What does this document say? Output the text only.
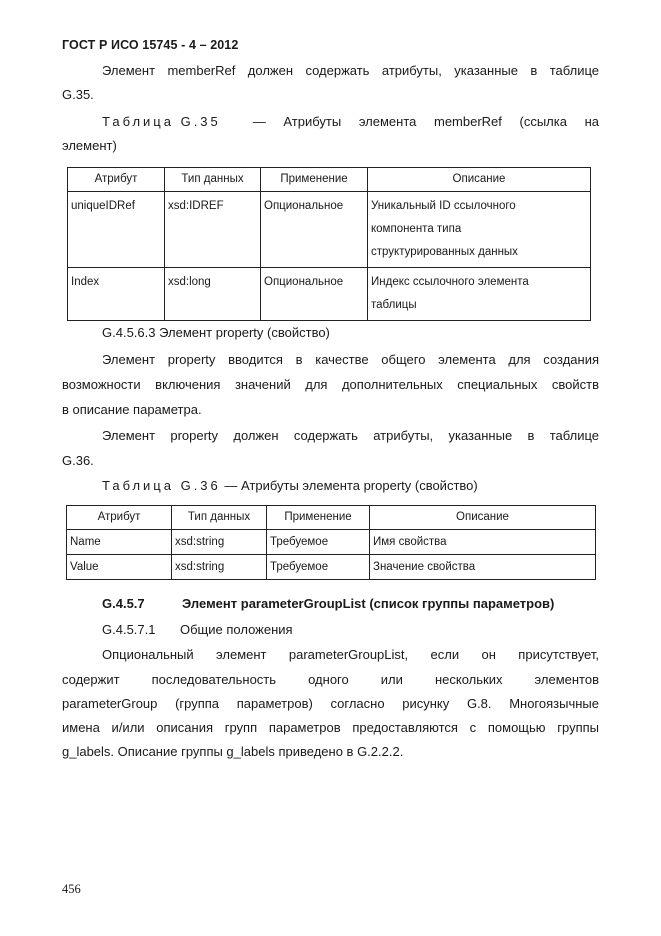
ГОСТ Р ИСО 15745 - 4 – 2012
Элемент memberRef должен содержать атрибуты, указанные в таблице
G.35.
Таблица G.35 — Атрибуты элемента memberRef (ссылка на
элемент)
Атрибут	Тип данных	Применение	Описание
uniqueIDRef	xsd:IDREF	Опциональное	Уникальный ID ссылочного
компонента типа
структурированных данных

Index	xsd:long	Опциональное	Индекс ссылочного элемента
таблицы
G.4.5.6.3 Элемент property (свойство)
Элемент property вводится в качестве общего элемента для создания
возможности включения значений для дополнительных специальных свойств
в описание параметра.
Элемент property должен содержать атрибуты, указанные в таблице
G.36.
Таблица G.36 — Атрибуты элемента property (свойство)
Атрибут	Тип данных	Применение	Описание
Name	xsd:string	Требуемое	Имя свойства
Value	xsd:string	Требуемое	Значение свойства
G.4.5.7	Элемент parameterGroupList (список группы параметров)
G.4.5.7.1 Общие положения
Опциональный элемент parameterGroupList, если он присутствует,
содержит последовательность одного или нескольких элементов
parameterGroup (группа параметров) согласно рисунку G.8. Многоязычные
имена и/или описания групп параметров предоставляются с помощью группы
g_labels. Описание группы g_labels приведено в G.2.2.2.
456
